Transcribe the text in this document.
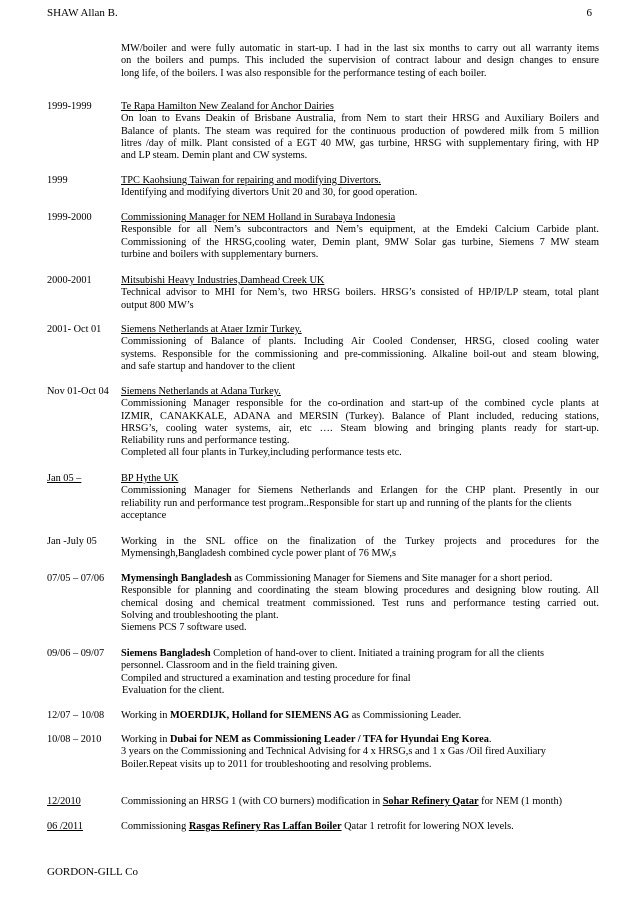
SHAW Allan B.	6
MW/boiler and were fully automatic in start-up. I had in the last six months to carry out all warranty items
on the boilers and pumps. This included the supervision of contract labour and design changes to ensure
long life, of the boilers. I was also responsible for the performance testing of each boiler.
1999-1999	Te Rapa Hamilton New Zealand for Anchor Dairies
On loan to Evans Deakin of Brisbane Australia, from Nem to start their HRSG and Auxiliary Boilers and
Balance of plants. The steam was required for the continuous production of powdered milk from 5 million
litres /day of milk. Plant consisted of a EGT 40 MW, gas turbine, HRSG with supplementary firing, with HP
and LP steam. Demin plant and CW systems.
1999	TPC Kaohsiung Taiwan for repairing and modifying Divertors.
Identifying and modifying divertors Unit 20 and 30, for good operation.
1999-2000	Commissioning Manager for NEM Holland in Surabaya Indonesia
Responsible for all Nem’s subcontractors and Nem’s equipment, at the Emdeki Calcium Carbide plant.
Commissioning of the HRSG,cooling water, Demin plant, 9MW Solar gas turbine, Siemens 7 MW steam
turbine and boilers with supplementary burners.
2000-2001	Mitsubishi Heavy Industries,Damhead Creek UK
Technical advisor to MHI for Nem’s, two HRSG boilers. HRSG’s consisted of HP/IP/LP steam, total plant
output 800 MW’s
2001- Oct 01	Siemens Netherlands at Ataer Izmir Turkey.
Commissioning of Balance of plants. Including Air Cooled Condenser, HRSG, closed cooling water
systems. Responsible for the commissioning and pre-commissioning. Alkaline boil-out and steam blowing,
and safe startup and handover to the client
Nov 01-Oct 04	Siemens Netherlands at Adana Turkey.
Commissioning Manager responsible for the co-ordination and start-up of the combined cycle plants at
IZMIR, CANAKKALE, ADANA and MERSIN (Turkey). Balance of Plant included, reducing stations,
HRSG’s, cooling water systems, air, etc …. Steam blowing and bringing plants ready for start-up.
Reliability runs and performance testing.
Completed all four plants in Turkey,including performance tests etc.
Jan 05 –	BP Hythe UK
Commissioning Manager for Siemens Netherlands and Erlangen for the CHP plant. Presently in our
reliability run and performance test program..Responsible for start up and running of the plants for the clients
acceptance
Jan -July 05	Working in the SNL office on the finalization of the Turkey projects and procedures for the
Mymensingh,Bangladesh combined cycle power plant of 76 MW,s
07/05 – 07/06	Mymensingh Bangladesh as Commissioning Manager for Siemens and Site manager for a short period.
Responsible for planning and coordinating the steam blowing procedures and designing blow routing. All
chemical dosing and chemical treatment commissioned. Test runs and performance testing carried out.
Solving and troubleshooting the plant.
Siemens PCS 7 software used.
09/06 – 09/07	Siemens Bangladesh Completion of hand-over to client. Initiated a training program for all the clients
personnel. Classroom and in the field training given.
Compiled and structured a examination and testing procedure for final
Evaluation for the client.
12/07 – 10/08	Working in MOERDIJK, Holland for SIEMENS AG as Commissioning Leader.
10/08 – 2010	Working in Dubai for NEM as Commissioning Leader / TFA for Hyundai Eng Korea.
3 years on the Commissioning and Technical Advising for 4 x HRSG,s and 1 x Gas /Oil fired Auxiliary
Boiler.Repeat visits up to 2011 for troubleshooting and resolving problems.
12/2010	Commissioning an HRSG 1 (with CO burners) modification in Sohar Refinery Qatar for NEM (1 month)
06 /2011	Commissioning Rasgas Refinery Ras Laffan Boiler Qatar 1 retrofit for lowering NOX levels.
GORDON-GILL Co
